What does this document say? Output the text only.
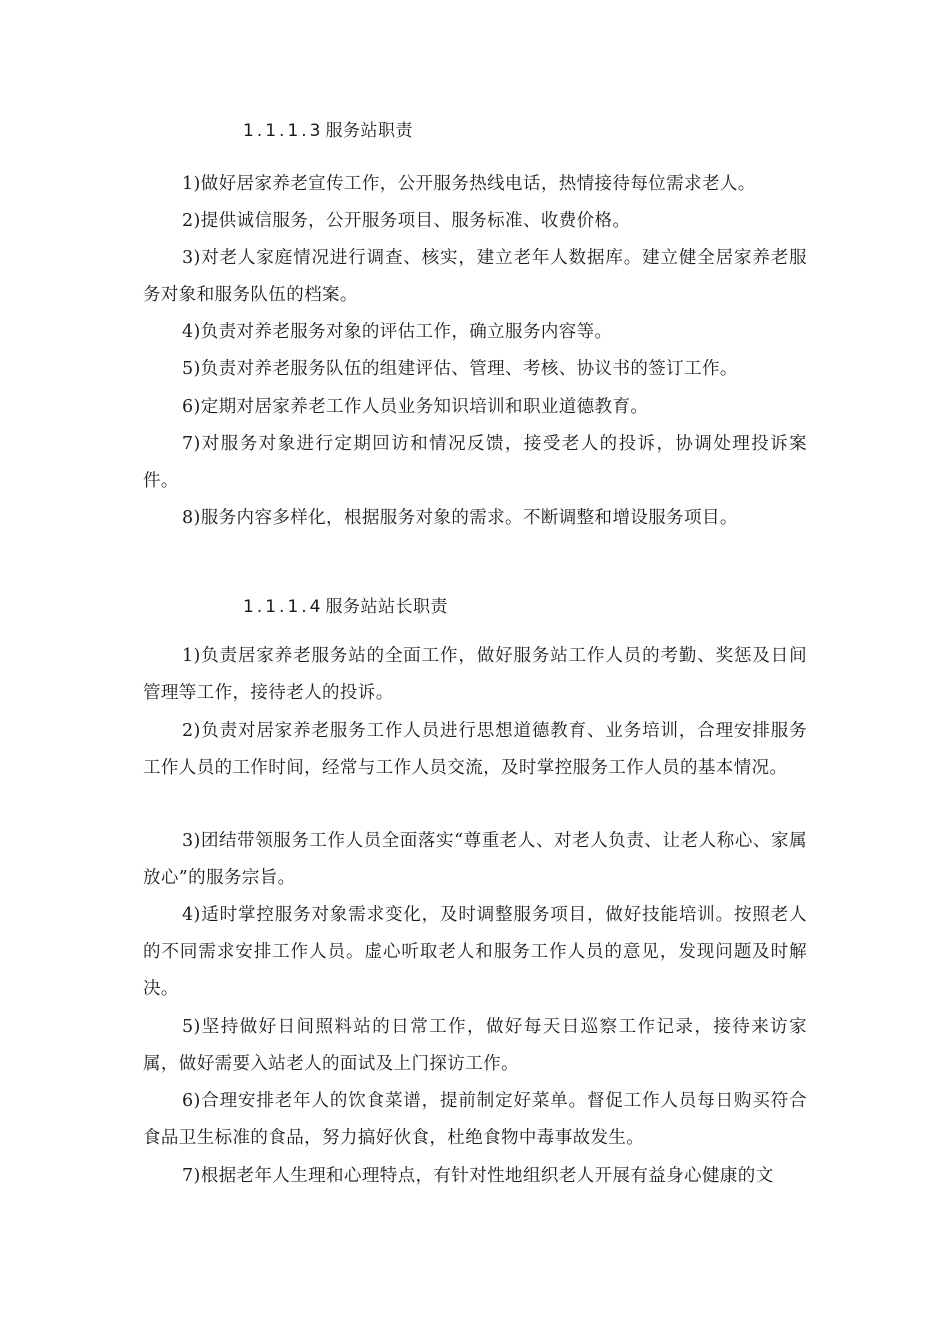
1.1.1.3 服务站职责
1)做好居家养老宣传工作，公开服务热线电话，热情接待每位需求老人。
2)提供诚信服务，公开服务项目、服务标准、收费价格。
3)对老人家庭情况进行调查、核实，建立老年人数据库。建立健全居家养老服务对象和服务队伍的档案。
4)负责对养老服务对象的评估工作，确立服务内容等。
5)负责对养老服务队伍的组建评估、管理、考核、协议书的签订工作。
6)定期对居家养老工作人员业务知识培训和职业道德教育。
7)对服务对象进行定期回访和情况反馈，接受老人的投诉，协调处理投诉案件。
8)服务内容多样化，根据服务对象的需求。不断调整和增设服务项目。
1.1.1.4 服务站站长职责
1)负责居家养老服务站的全面工作，做好服务站工作人员的考勤、奖惩及日间管理等工作，接待老人的投诉。
2)负责对居家养老服务工作人员进行思想道德教育、业务培训，合理安排服务工作人员的工作时间，经常与工作人员交流，及时掌控服务工作人员的基本情况。
3)团结带领服务工作人员全面落实“尊重老人、对老人负责、让老人称心、家属放心”的服务宗旨。
4)适时掌控服务对象需求变化，及时调整服务项目，做好技能培训。按照老人的不同需求安排工作人员。虚心听取老人和服务工作人员的意见，发现问题及时解决。
5)坚持做好日间照料站的日常工作，做好每天日巡察工作记录，接待来访家属，做好需要入站老人的面试及上门探访工作。
6)合理安排老年人的饮食菜谱，提前制定好菜单。督促工作人员每日购买符合食品卫生标准的食品，努力搞好伙食，杜绝食物中毒事故发生。
7)根据老年人生理和心理特点，有针对性地组织老人开展有益身心健康的文
